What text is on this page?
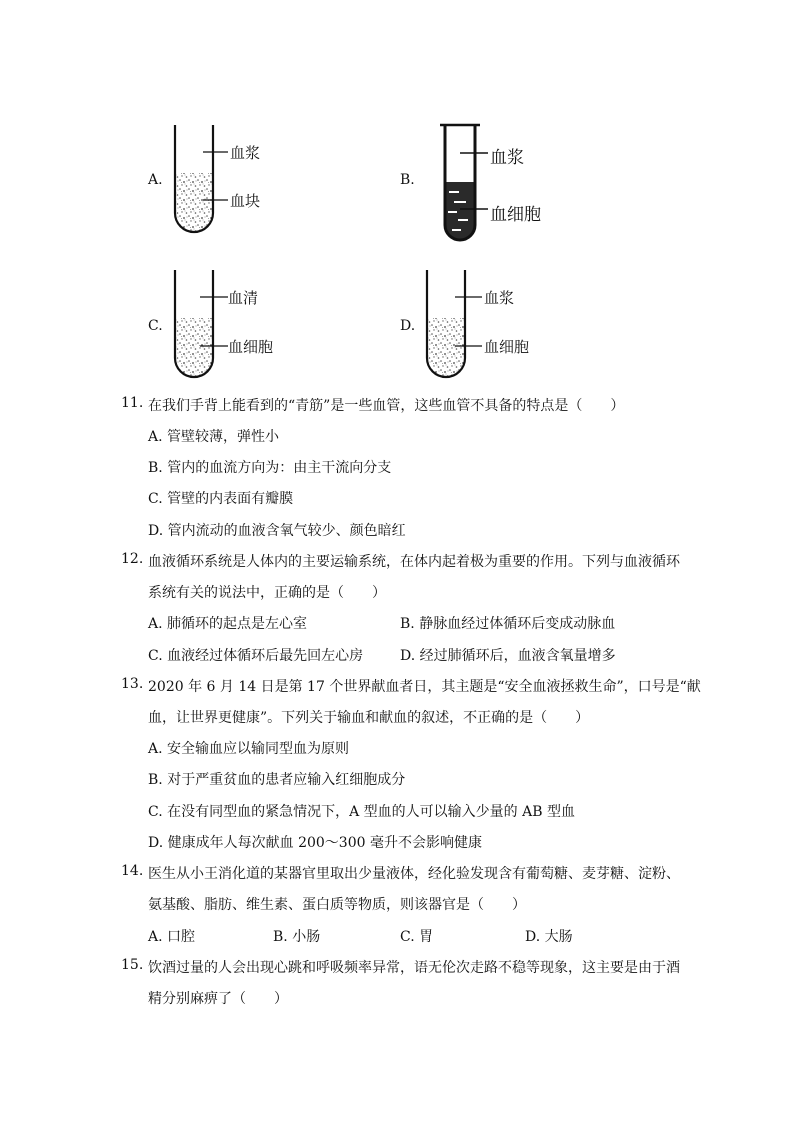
A.
血浆
血块
B.
血浆
血细胞
C.
血清
血细胞
D.
血浆
血细胞
11. 在我们手背上能看到的“青筋”是一些血管，这些血管不具备的特点是（　　）
A. 管壁较薄，弹性小
B. 管内的血流方向为：由主干流向分支
C. 管壁的内表面有瓣膜
D. 管内流动的血液含氧气较少、颜色暗红
12. 血液循环系统是人体内的主要运输系统，在体内起着极为重要的作用。下列与血液循环
系统有关的说法中，正确的是（　　）
A. 肺循环的起点是左心室	B. 静脉血经过体循环后变成动脉血
C. 血液经过体循环后最先回左心房	D. 经过肺循环后，血液含氧量增多
13. 2020 年 6 月 14 日是第 17 个世界献血者日，其主题是“安全血液拯救生命”，口号是“献
血，让世界更健康”。下列关于输血和献血的叙述，不正确的是（　　）
A. 安全输血应以输同型血为原则
B. 对于严重贫血的患者应输入红细胞成分
C. 在没有同型血的紧急情况下，A 型血的人可以输入少量的 AB 型血
D. 健康成年人每次献血 200～300 毫升不会影响健康
14. 医生从小王消化道的某器官里取出少量液体，经化验发现含有葡萄糖、麦芽糖、淀粉、
氨基酸、脂肪、维生素、蛋白质等物质，则该器官是（　　）
A. 口腔	B. 小肠	C. 胃	D. 大肠
15. 饮酒过量的人会出现心跳和呼吸频率异常，语无伦次走路不稳等现象，这主要是由于酒
精分别麻痹了（　　）
